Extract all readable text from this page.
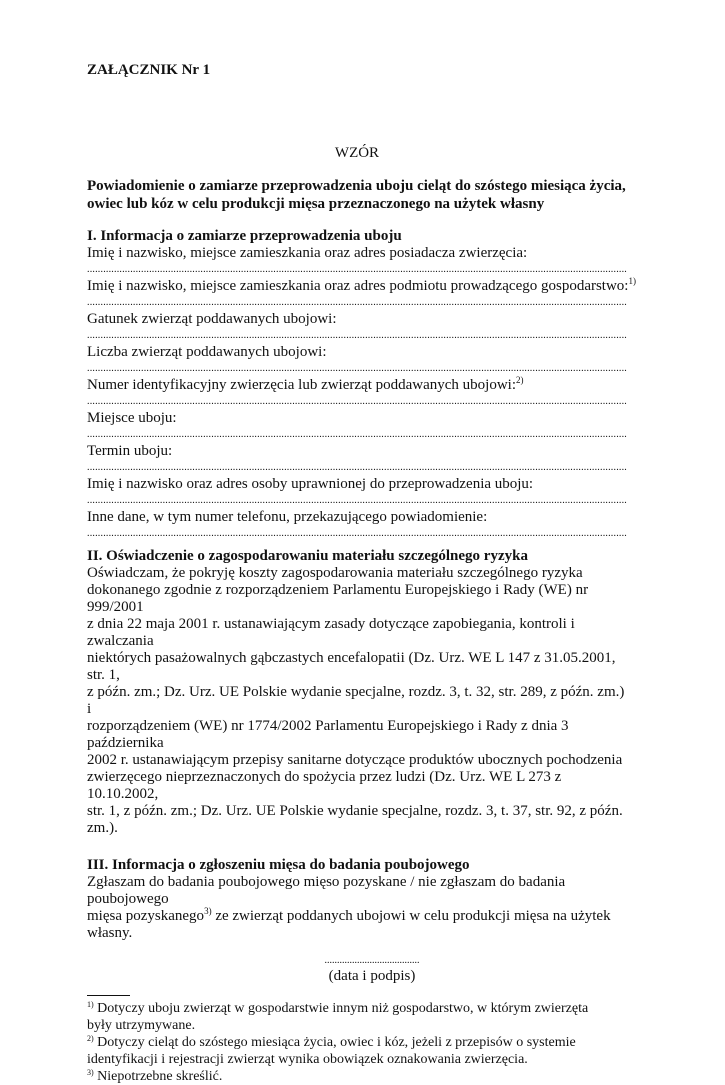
ZAŁĄCZNIK Nr 1
WZÓR
Powiadomienie o zamiarze przeprowadzenia uboju cieląt do szóstego miesiąca życia, owiec lub kóz w celu produkcji mięsa przeznaczonego na użytek własny
I. Informacja o zamiarze przeprowadzenia uboju
Imię i nazwisko, miejsce zamieszkania oraz adres posiadacza zwierzęcia:
.....
Imię i nazwisko, miejsce zamieszkania oraz adres podmiotu prowadzącego gospodarstwo:$^{1)}$
.....
Gatunek zwierząt poddawanych ubojowi:
.....
Liczba zwierząt poddawanych ubojowi:
.....
Numer identyfikacyjny zwierzęcia lub zwierząt poddawanych ubojowi:$^{2)}$
.....
Miejsce uboju:
.....
Termin uboju:
.....
Imię i nazwisko oraz adres osoby uprawnionej do przeprowadzenia uboju:
.....
Inne dane, w tym numer telefonu, przekazującego powiadomienie:
.....
II. Oświadczenie o zagospodarowaniu materiału szczególnego ryzyka
Oświadczam, że pokryję koszty zagospodarowania materiału szczególnego ryzyka
dokonanego zgodnie z rozporządzeniem Parlamentu Europejskiego i Rady (WE) nr 999/2001
z dnia 22 maja 2001 r. ustanawiającym zasady dotyczące zapobiegania, kontroli i zwalczania
niektórych pasażowalnych gąbczastych encefalopatii (Dz. Urz. WE L 147 z 31.05.2001, str. 1,
z późn. zm.; Dz. Urz. UE Polskie wydanie specjalne, rozdz. 3, t. 32, str. 289, z późn. zm.) i
rozporządzeniem (WE) nr 1774/2002 Parlamentu Europejskiego i Rady z dnia 3 października
2002 r. ustanawiającym przepisy sanitarne dotyczące produktów ubocznych pochodzenia
zwierzęcego nieprzeznaczonych do spożycia przez ludzi (Dz. Urz. WE L 273 z 10.10.2002,
str. 1, z późn. zm.; Dz. Urz. UE Polskie wydanie specjalne, rozdz. 3, t. 37, str. 92, z późn.
zm.).
III. Informacja o zgłoszeniu mięsa do badania poubojowego
Zgłaszam do badania poubojowego mięso pozyskane / nie zgłaszam do badania poubojowego
mięsa pozyskanego$^{3)}$ ze zwierząt poddanych ubojowi w celu produkcji mięsa na użytek
własny.
......................................
(data i podpis)
$^{1)}$ Dotyczy uboju zwierząt w gospodarstwie innym niż gospodarstwo, w którym zwierzęta
były utrzymywane.
$^{2)}$ Dotyczy cieląt do szóstego miesiąca życia, owiec i kóz, jeżeli z przepisów o systemie
identyfikacji i rejestracji zwierząt wynika obowiązek oznakowania zwierzęcia.
$^{3)}$ Niepotrzebne skreślić.
